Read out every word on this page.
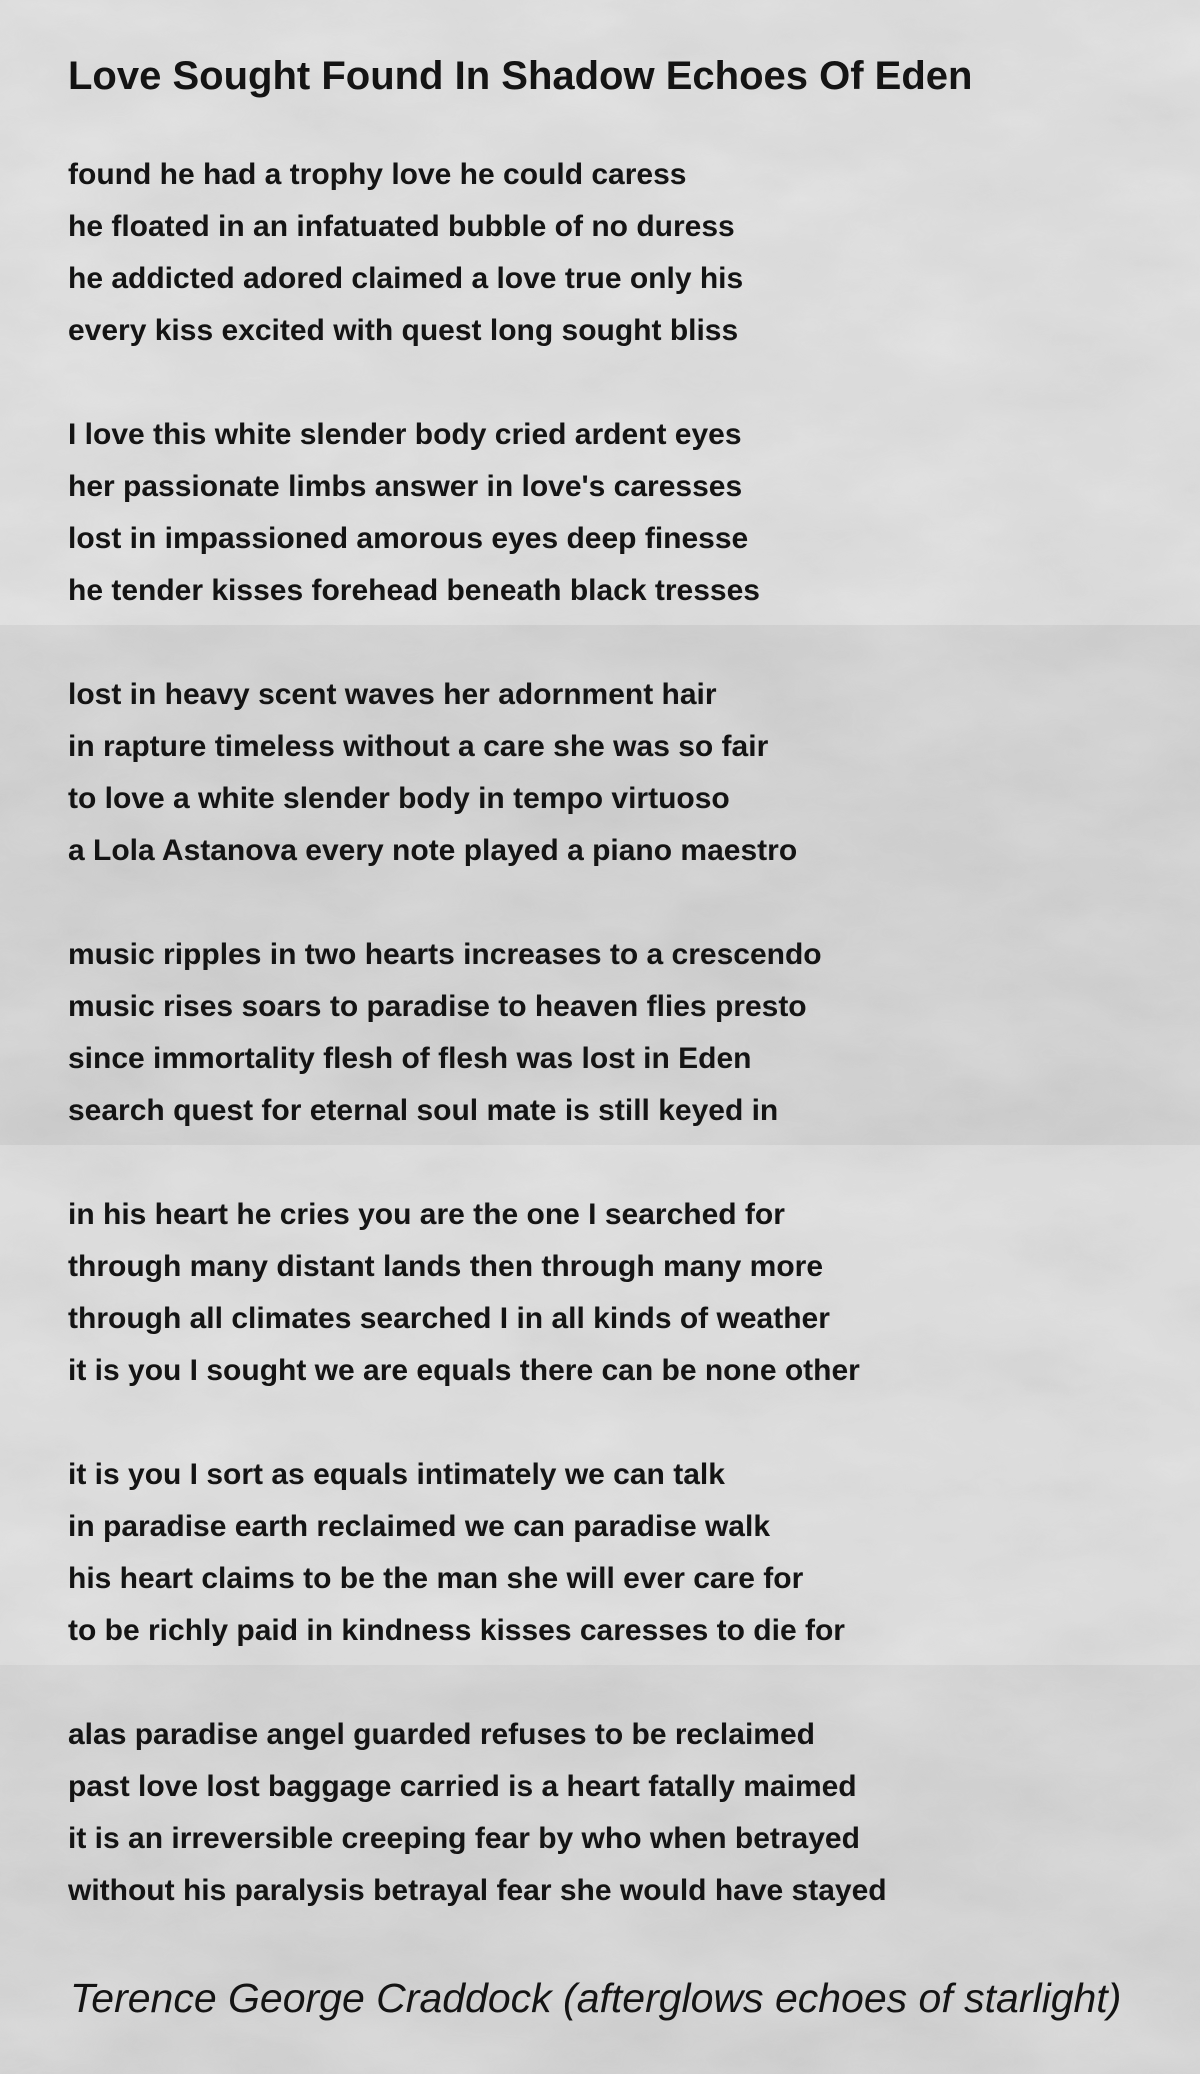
Love Sought Found In Shadow Echoes Of Eden
found he had a trophy love he could caress
he floated in an infatuated bubble of no duress
he addicted adored claimed a love true only his
every kiss excited with quest long sought bliss
I love this white slender body cried ardent eyes
her passionate limbs answer in love's caresses
lost in impassioned amorous eyes deep finesse
he tender kisses forehead beneath black tresses
lost in heavy scent waves her adornment hair
in rapture timeless without a care she was so fair
to love a white slender body in tempo virtuoso
a Lola Astanova every note played a piano maestro
music ripples in two hearts increases to a crescendo
music rises soars to paradise to heaven flies presto
since immortality flesh of flesh was lost in Eden
search quest for eternal soul mate is still keyed in
in his heart he cries you are the one I searched for
through many distant lands then through many more
through all climates searched I in all kinds of weather
it is you I sought we are equals there can be none other
it is you I sort as equals intimately we can talk
in paradise earth reclaimed we can paradise walk
his heart claims to be the man she will ever care for
to be richly paid in kindness kisses caresses to die for
alas paradise angel guarded refuses to be reclaimed
past love lost baggage carried is a heart fatally maimed
it is an irreversible creeping fear by who when betrayed
without his paralysis betrayal fear she would have stayed
Terence George Craddock (afterglows echoes of starlight)
